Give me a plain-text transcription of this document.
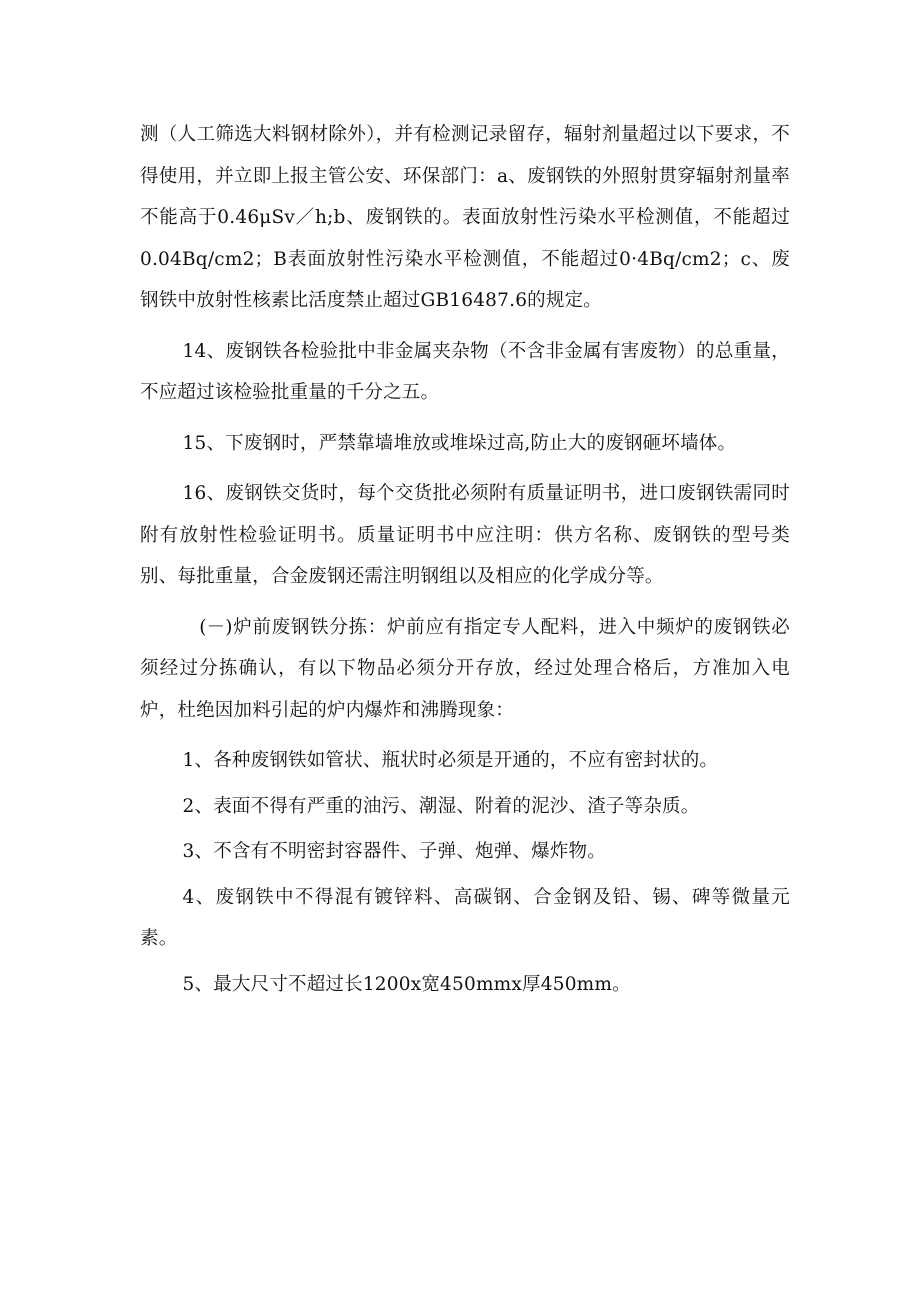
测（人工筛选大料钢材除外），并有检测记录留存，辐射剂量超过以下要求，不得使用，并立即上报主管公安、环保部门：a、废钢铁的外照射贯穿辐射剂量率不能高于0.46μSv／h;b、废钢铁的。表面放射性污染水平检测值，不能超过0.04Bq/cm2；B表面放射性污染水平检测值，不能超过0·4Bq/cm2；c、废钢铁中放射性核素比活度禁止超过GB16487.6的规定。

14、废钢铁各检验批中非金属夹杂物（不含非金属有害废物）的总重量，不应超过该检验批重量的千分之五。

15、下废钢时，严禁靠墙堆放或堆垛过高,防止大的废钢砸坏墙体。

16、废钢铁交货时，每个交货批必须附有质量证明书，进口废钢铁需同时附有放射性检验证明书。质量证明书中应注明：供方名称、废钢铁的型号类别、每批重量，合金废钢还需注明钢组以及相应的化学成分等。

(－)炉前废钢铁分拣：炉前应有指定专人配料，进入中频炉的废钢铁必须经过分拣确认，有以下物品必须分开存放，经过处理合格后，方准加入电炉，杜绝因加料引起的炉内爆炸和沸腾现象：

1、各种废钢铁如管状、瓶状时必须是开通的，不应有密封状的。

2、表面不得有严重的油污、潮湿、附着的泥沙、渣子等杂质。

3、不含有不明密封容器件、子弹、炮弹、爆炸物。

4、废钢铁中不得混有镀锌料、高碳钢、合金钢及铅、锡、碑等微量元素。

5、最大尺寸不超过长1200x宽450mmx厚450mm。
